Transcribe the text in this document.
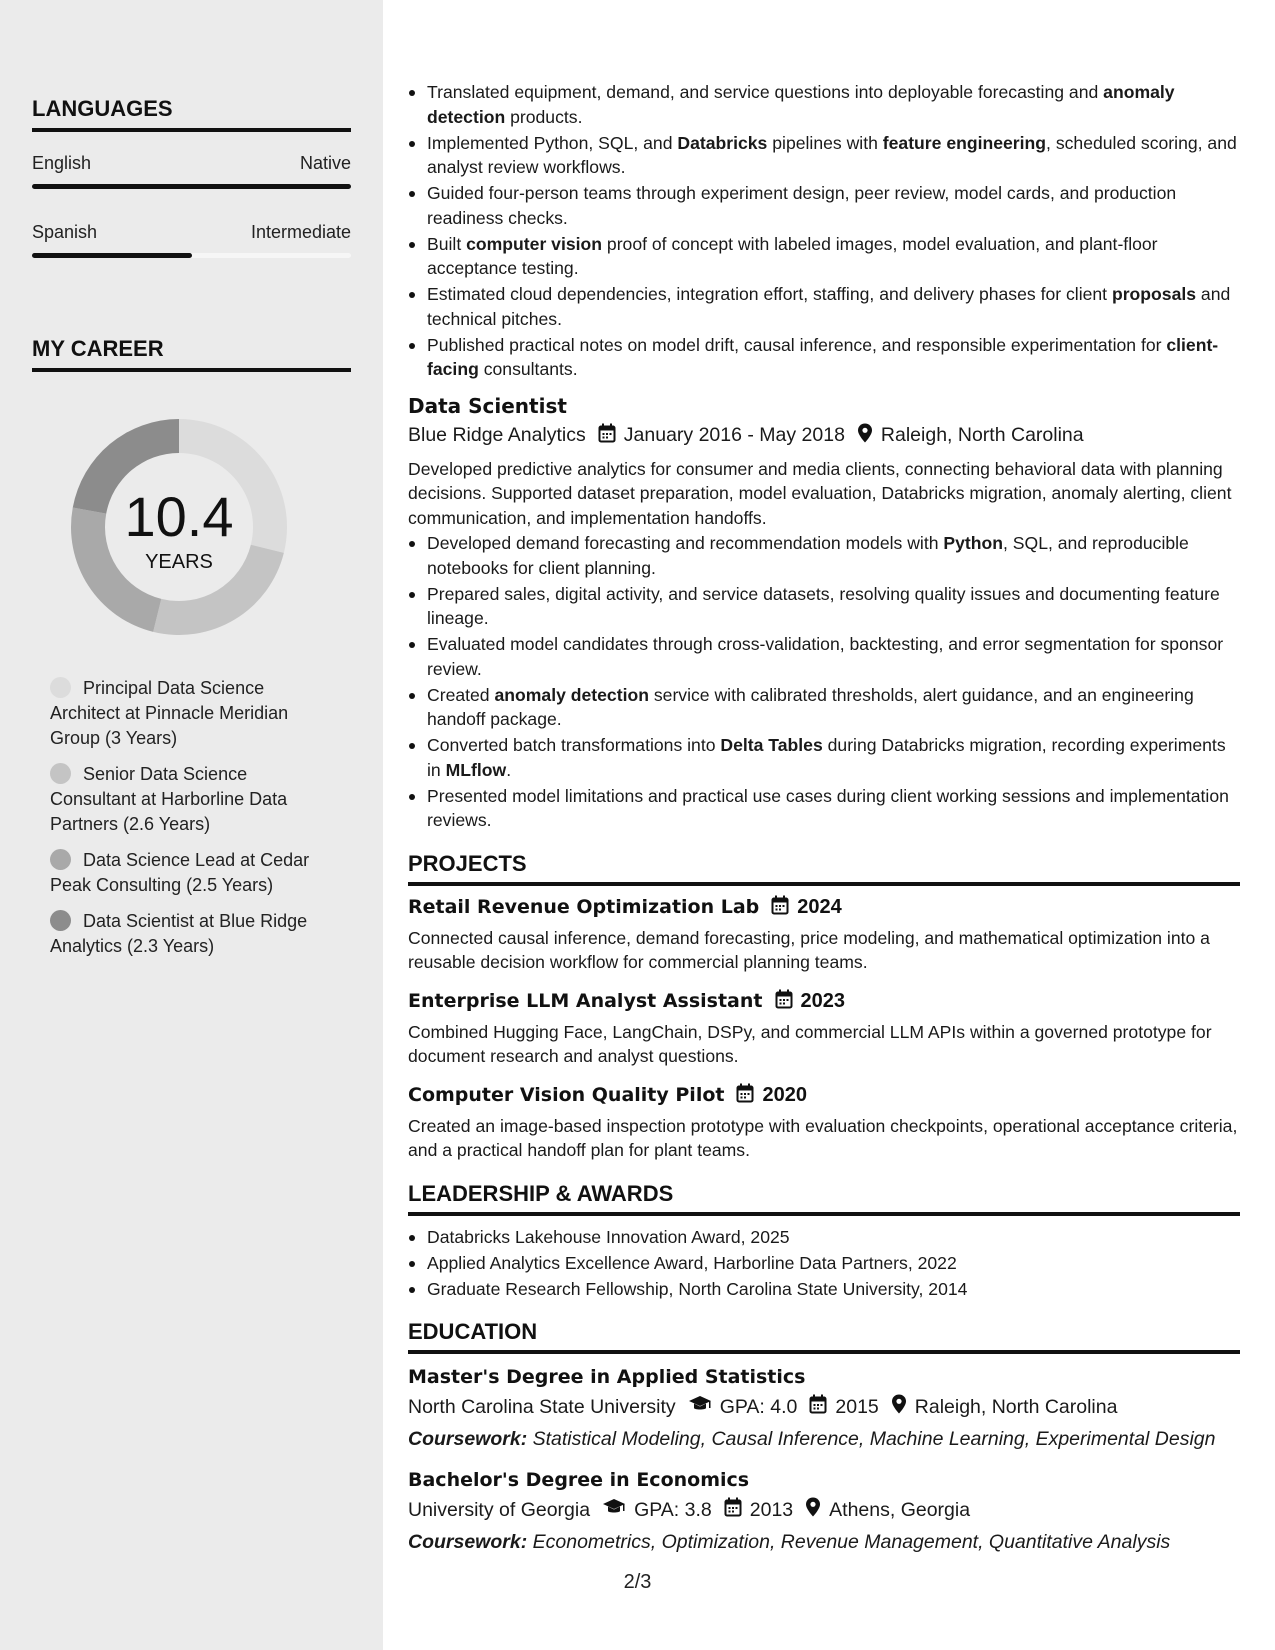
LANGUAGES
English	Native
Spanish	Intermediate
MY CAREER
10.4
YEARS
Principal Data Science Architect at Pinnacle Meridian Group (3 Years)
Senior Data Science Consultant at Harborline Data Partners (2.6 Years)
Data Science Lead at Cedar Peak Consulting (2.5 Years)
Data Scientist at Blue Ridge Analytics (2.3 Years)
Translated equipment, demand, and service questions into deployable forecasting and anomaly detection products.
Implemented Python, SQL, and Databricks pipelines with feature engineering, scheduled scoring, and analyst review workflows.
Guided four-person teams through experiment design, peer review, model cards, and production readiness checks.
Built computer vision proof of concept with labeled images, model evaluation, and plant-floor acceptance testing.
Estimated cloud dependencies, integration effort, staffing, and delivery phases for client proposals and technical pitches.
Published practical notes on model drift, causal inference, and responsible experimentation for client-facing consultants.
Data Scientist
Blue Ridge Analytics January 2016 - May 2018 Raleigh, North Carolina
Developed predictive analytics for consumer and media clients, connecting behavioral data with planning decisions. Supported dataset preparation, model evaluation, Databricks migration, anomaly alerting, client communication, and implementation handoffs.
Developed demand forecasting and recommendation models with Python, SQL, and reproducible notebooks for client planning.
Prepared sales, digital activity, and service datasets, resolving quality issues and documenting feature lineage.
Evaluated model candidates through cross-validation, backtesting, and error segmentation for sponsor review.
Created anomaly detection service with calibrated thresholds, alert guidance, and an engineering handoff package.
Converted batch transformations into Delta Tables during Databricks migration, recording experiments in MLflow.
Presented model limitations and practical use cases during client working sessions and implementation reviews.
PROJECTS
Retail Revenue Optimization Lab 2024
Connected causal inference, demand forecasting, price modeling, and mathematical optimization into a reusable decision workflow for commercial planning teams.
Enterprise LLM Analyst Assistant 2023
Combined Hugging Face, LangChain, DSPy, and commercial LLM APIs within a governed prototype for document research and analyst questions.
Computer Vision Quality Pilot 2020
Created an image-based inspection prototype with evaluation checkpoints, operational acceptance criteria, and a practical handoff plan for plant teams.
LEADERSHIP & AWARDS
Databricks Lakehouse Innovation Award, 2025
Applied Analytics Excellence Award, Harborline Data Partners, 2022
Graduate Research Fellowship, North Carolina State University, 2014
EDUCATION
Master's Degree in Applied Statistics
North Carolina State University GPA: 4.0 2015 Raleigh, North Carolina
Coursework: Statistical Modeling, Causal Inference, Machine Learning, Experimental Design
Bachelor's Degree in Economics
University of Georgia GPA: 3.8 2013 Athens, Georgia
Coursework: Econometrics, Optimization, Revenue Management, Quantitative Analysis
2/3
